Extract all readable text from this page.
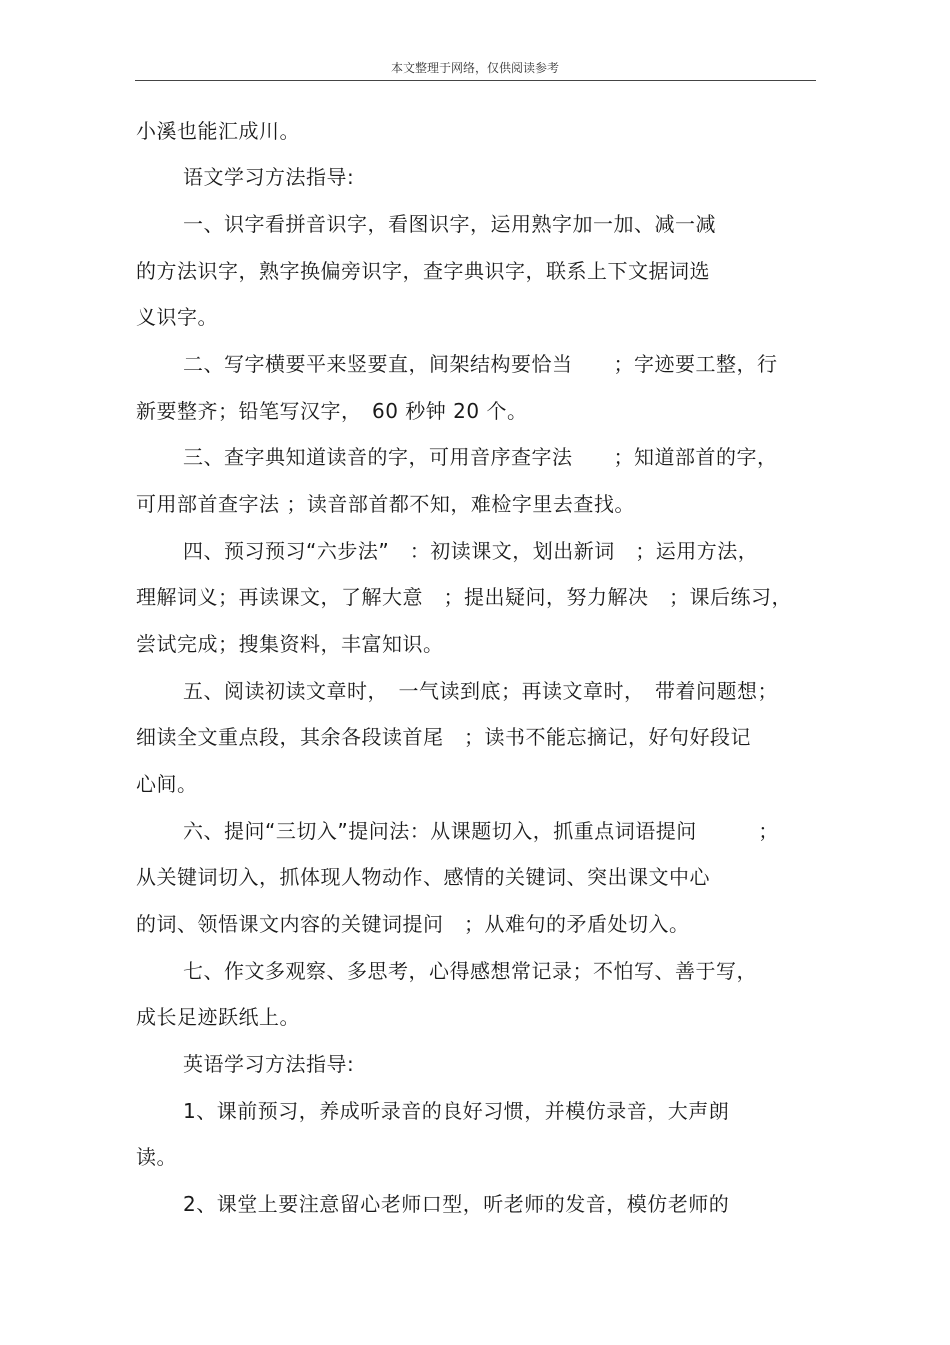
本文整理于网络，仅供阅读参考
小溪也能汇成川。
语文学习方法指导:
一、识字看拼音识字，看图识字，运用熟字加一加、减一减
的方法识字，熟字换偏旁识字，查字典识字，联系上下文据词选
义识字。
二、写字横要平来竖要直，间架结构要恰当　　；字迹要工整，行
新要整齐；铅笔写汉字，　60 秒钟 20 个。
三、查字典知道读音的字，可用音序查字法　　；知道部首的字，
可用部首查字法 ；读音部首都不知，难检字里去查找。
四、预习预习“六步法”　：初读课文，划出新词　；运用方法，
理解词义；再读课文，了解大意　；提出疑问，努力解决　；课后练习，
尝试完成；搜集资料，丰富知识。
五、阅读初读文章时，　一气读到底；再读文章时，　带着问题想；
细读全文重点段，其余各段读首尾　；读书不能忘摘记，好句好段记
心间。
六、提问“三切入”提问法：从课题切入，抓重点词语提问　　　；
从关键词切入，抓体现人物动作、感情的关键词、突出课文中心
的词、领悟课文内容的关键词提问　；从难句的矛盾处切入。
七、作文多观察、多思考，心得感想常记录；不怕写、善于写，
成长足迹跃纸上。
英语学习方法指导:
1、课前预习，养成听录音的良好习惯，并模仿录音，大声朗
读。
2、课堂上要注意留心老师口型，听老师的发音，模仿老师的
